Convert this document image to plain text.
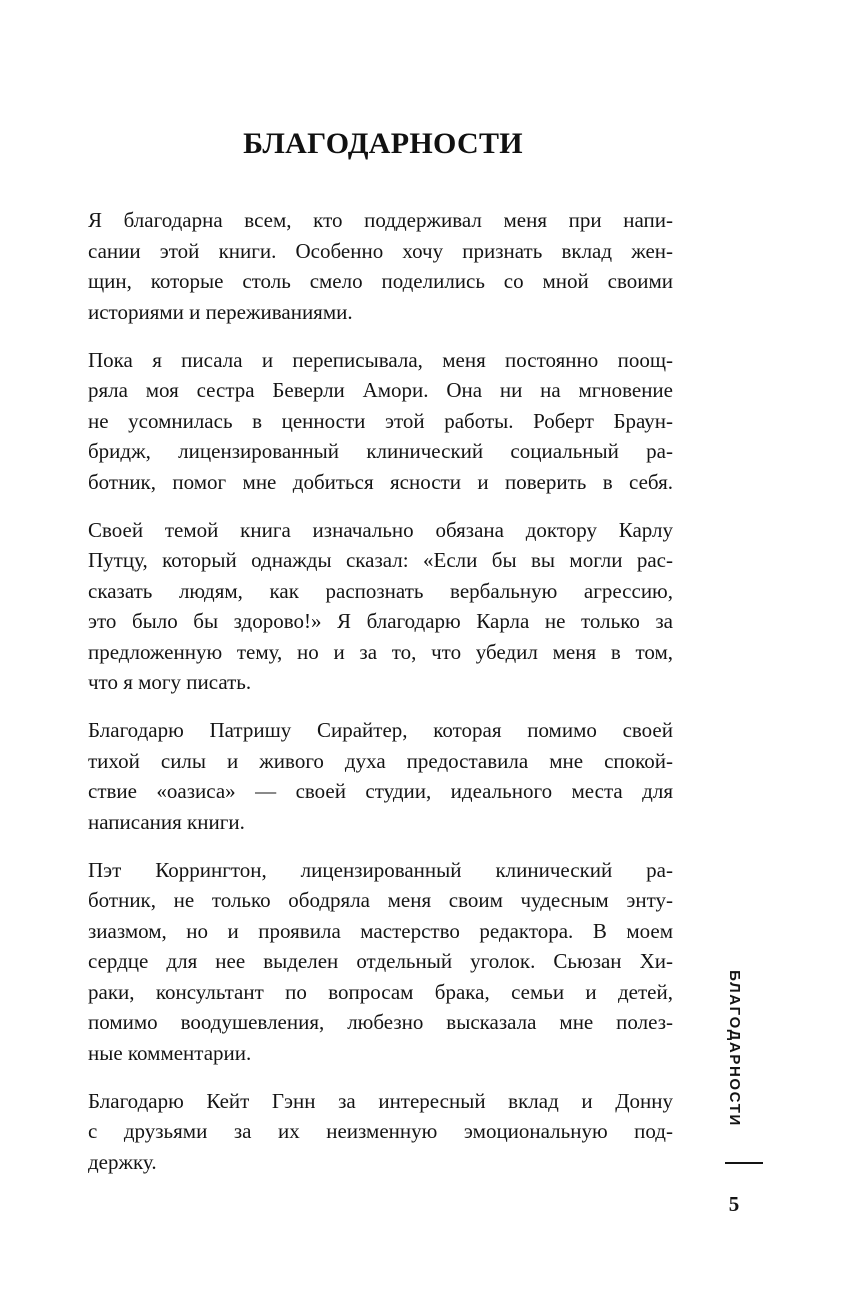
БЛАГОДАРНОСТИ

Я благодарна всем, кто поддерживал меня при напи-
сании этой книги. Особенно хочу признать вклад жен-
щин, которые столь смело поделились со мной своими
историями и переживаниями.

Пока я писала и переписывала, меня постоянно поощ-
ряла моя сестра Беверли Амори. Она ни на мгновение
не усомнилась в ценности этой работы. Роберт Браун-
бридж, лицензированный клинический социальный ра-
ботник, помог мне добиться ясности и поверить в себя.

Своей темой книга изначально обязана доктору Карлу
Путцу, который однажды сказал: «Если бы вы могли рас-
сказать людям, как распознать вербальную агрессию,
это было бы здорово!» Я благодарю Карла не только за
предложенную тему, но и за то, что убедил меня в том,
что я могу писать.

Благодарю Патришу Сирайтер, которая помимо своей
тихой силы и живого духа предоставила мне спокой-
ствие «оазиса» — своей студии, идеального места для
написания книги.

Пэт Коррингтон, лицензированный клинический ра-
ботник, не только ободряла меня своим чудесным энту-
зиазмом, но и проявила мастерство редактора. В моем
сердце для нее выделен отдельный уголок. Сьюзан Хи-
раки, консультант по вопросам брака, семьи и детей,
помимо воодушевления, любезно высказала мне полез-
ные комментарии.

Благодарю Кейт Гэнн за интересный вклад и Донну
с друзьями за их неизменную эмоциональную под-
держку.

БЛАГОДАРНОСТИ
5
